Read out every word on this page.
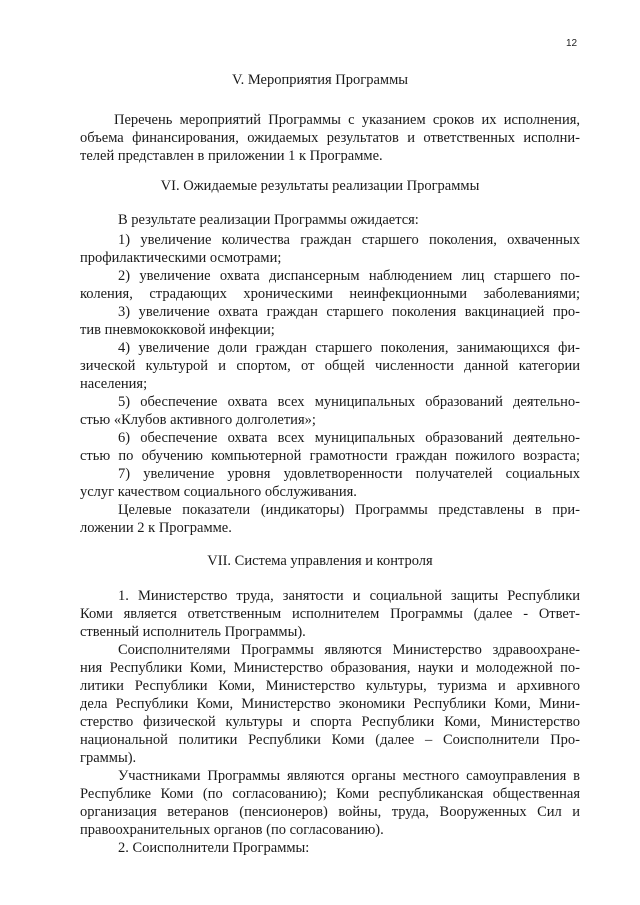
12
V. Мероприятия Программы
Перечень мероприятий Программы с указанием сроков их исполнения,
объема финансирования, ожидаемых результатов и ответственных исполни-
телей представлен в приложении 1 к Программе.
VI. Ожидаемые результаты реализации Программы
В результате реализации Программы ожидается:
1) увеличение количества граждан старшего поколения, охваченных
профилактическими осмотрами;
2) увеличение охвата диспансерным наблюдением лиц старшего по-
коления, страдающих хроническими неинфекционными заболеваниями;
3) увеличение охвата граждан старшего поколения вакцинацией про-
тив пневмококковой инфекции;
4) увеличение доли граждан старшего поколения, занимающихся фи-
зической культурой и спортом, от общей численности данной категории
населения;
5) обеспечение охвата всех муниципальных образований деятельно-
стью «Клубов активного долголетия»;
6) обеспечение охвата всех муниципальных образований деятельно-
стью по обучению компьютерной грамотности граждан пожилого возраста;
7) увеличение уровня удовлетворенности получателей социальных
услуг качеством социального обслуживания.
Целевые показатели (индикаторы) Программы представлены в при-
ложении 2 к Программе.
VII. Система управления и контроля
1. Министерство труда, занятости и социальной защиты Республики
Коми является ответственным исполнителем Программы (далее - Ответ-
ственный исполнитель Программы).
Соисполнителями Программы являются Министерство здравоохране-
ния Республики Коми, Министерство образования, науки и молодежной по-
литики Республики Коми, Министерство культуры, туризма и архивного
дела Республики Коми, Министерство экономики Республики Коми, Мини-
стерство физической культуры и спорта Республики Коми, Министерство
национальной политики Республики Коми (далее – Соисполнители Про-
граммы).
Участниками Программы являются органы местного самоуправления в
Республике Коми (по согласованию); Коми республиканская общественная
организация ветеранов (пенсионеров) войны, труда, Вооруженных Сил и
правоохранительных органов (по согласованию).
2. Соисполнители Программы:
